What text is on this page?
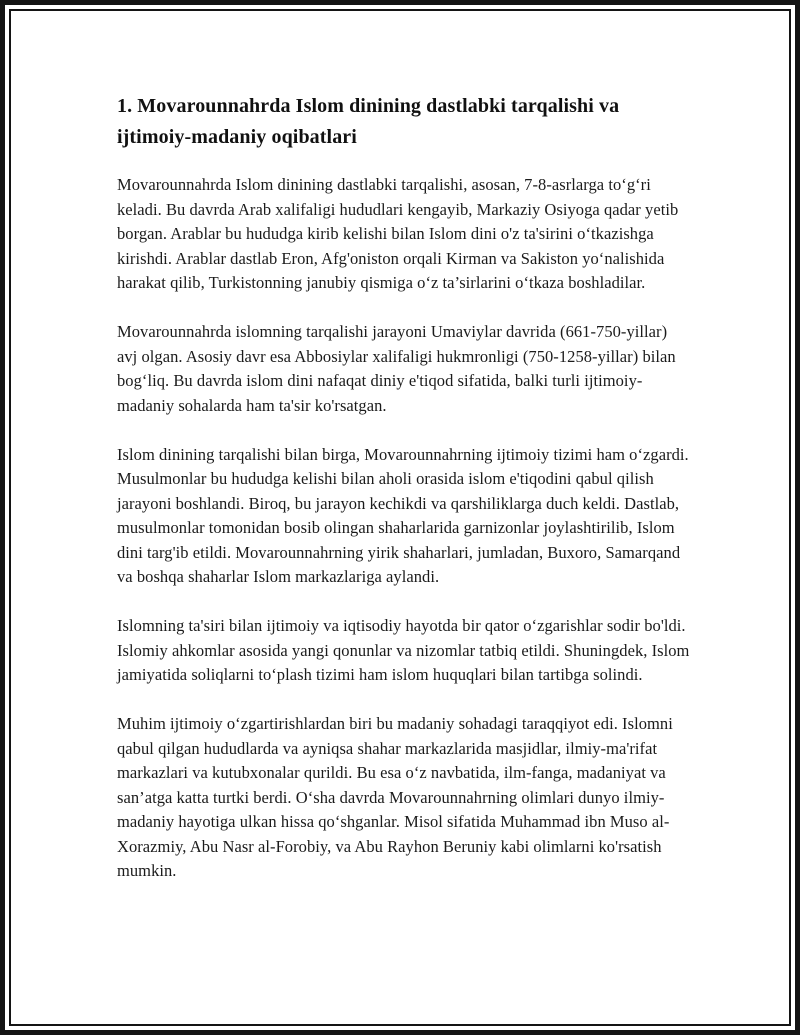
1. Movarounnahrda Islom dinining dastlabki tarqalishi va ijtimoiy-madaniy oqibatlari

Movarounnahrda Islom dinining dastlabki tarqalishi, asosan, 7-8-asrlarga toʻgʻri keladi. Bu davrda Arab xalifaligi hududlari kengayib, Markaziy Osiyoga qadar yetib borgan. Arablar bu hududga kirib kelishi bilan Islom dini o'z ta'sirini oʻtkazishga kirishdi. Arablar dastlab Eron, Afg'oniston orqali Kirman va Sakiston yoʻnalishida harakat qilib, Turkistonning janubiy qismiga oʻz ta’sirlarini oʻtkaza boshladilar.

Movarounnahrda islomning tarqalishi jarayoni Umaviylar davrida (661-750-yillar) avj olgan. Asosiy davr esa Abbosiylar xalifaligi hukmronligi (750-1258-yillar) bilan bogʻliq. Bu davrda islom dini nafaqat diniy e'tiqod sifatida, balki turli ijtimoiy-madaniy sohalarda ham ta'sir ko'rsatgan.

Islom dinining tarqalishi bilan birga, Movarounnahrning ijtimoiy tizimi ham oʻzgardi. Musulmonlar bu hududga kelishi bilan aholi orasida islom e'tiqodini qabul qilish jarayoni boshlandi. Biroq, bu jarayon kechikdi va qarshiliklarga duch keldi. Dastlab, musulmonlar tomonidan bosib olingan shaharlarida garnizonlar joylashtirilib, Islom dini targ'ib etildi. Movarounnahrning yirik shaharlari, jumladan, Buxoro, Samarqand va boshqa shaharlar Islom markazlariga aylandi.

Islomning ta'siri bilan ijtimoiy va iqtisodiy hayotda bir qator oʻzgarishlar sodir bo'ldi. Islomiy ahkomlar asosida yangi qonunlar va nizomlar tatbiq etildi. Shuningdek, Islom jamiyatida soliqlarni toʻplash tizimi ham islom huquqlari bilan tartibga solindi.

Muhim ijtimoiy oʻzgartirishlardan biri bu madaniy sohadagi taraqqiyot edi. Islomni qabul qilgan hududlarda va ayniqsa shahar markazlarida masjidlar, ilmiy-ma'rifat markazlari va kutubxonalar qurildi. Bu esa oʻz navbatida, ilm-fanga, madaniyat va san’atga katta turtki berdi. Oʻsha davrda Movarounnahrning olimlari dunyo ilmiy-madaniy hayotiga ulkan hissa qoʻshganlar. Misol sifatida Muhammad ibn Muso al-Xorazmiy, Abu Nasr al-Forobiy, va Abu Rayhon Beruniy kabi olimlarni ko'rsatish mumkin.
